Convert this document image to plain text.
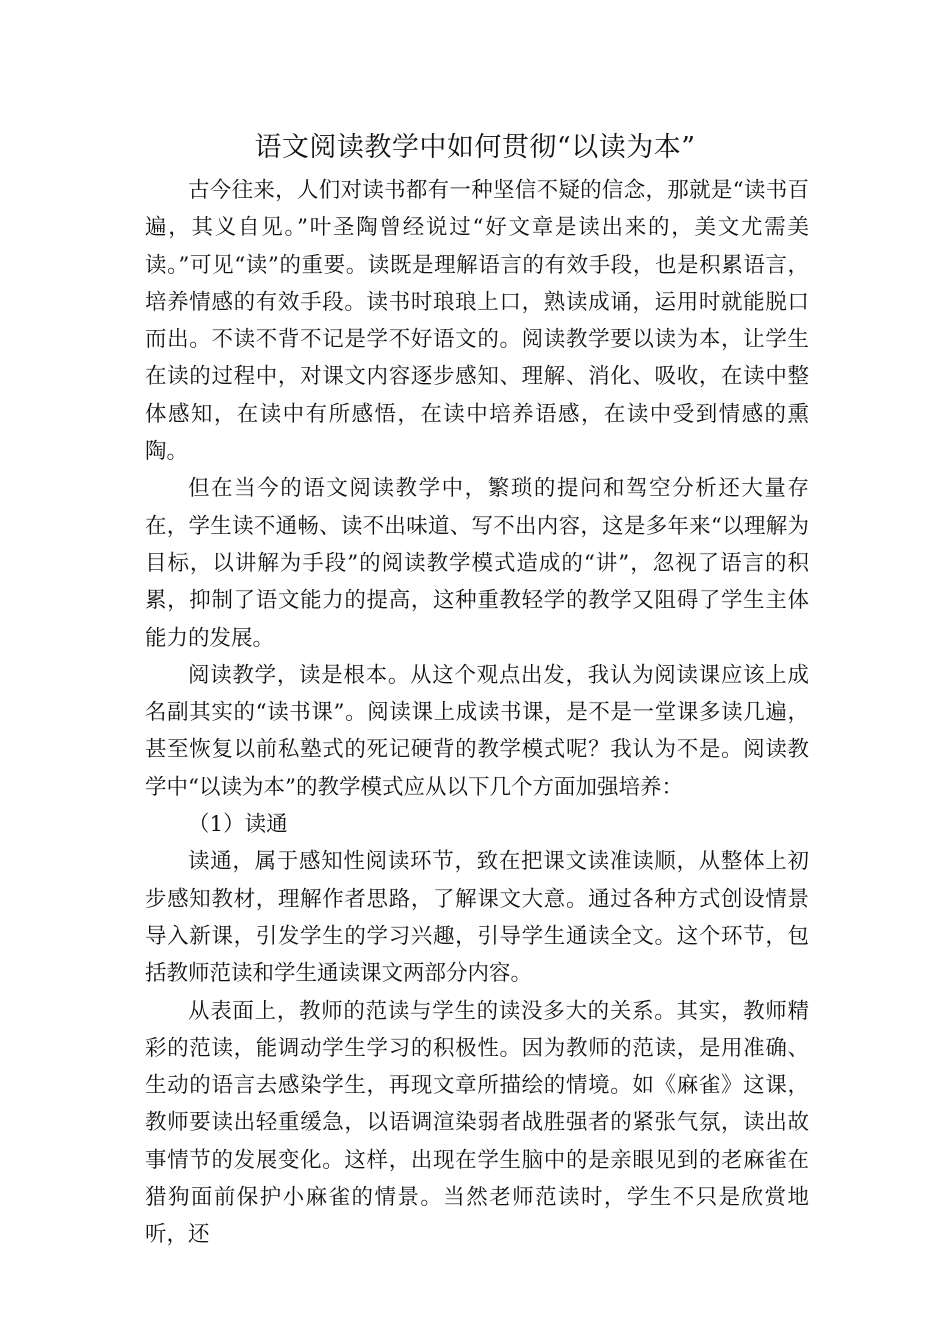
语文阅读教学中如何贯彻“以读为本”

古今往来，人们对读书都有一种坚信不疑的信念，那就是“读书百遍，其义自见。”叶圣陶曾经说过“好文章是读出来的，美文尤需美读。”可见“读”的重要。读既是理解语言的有效手段，也是积累语言，培养情感的有效手段。读书时琅琅上口，熟读成诵，运用时就能脱口而出。不读不背不记是学不好语文的。阅读教学要以读为本，让学生在读的过程中，对课文内容逐步感知、理解、消化、吸收，在读中整体感知，在读中有所感悟，在读中培养语感，在读中受到情感的熏陶。

但在当今的语文阅读教学中，繁琐的提问和驾空分析还大量存在，学生读不通畅、读不出味道、写不出内容，这是多年来“以理解为目标，以讲解为手段”的阅读教学模式造成的“讲”，忽视了语言的积累，抑制了语文能力的提高，这种重教轻学的教学又阻碍了学生主体能力的发展。

阅读教学，读是根本。从这个观点出发，我认为阅读课应该上成名副其实的“读书课”。阅读课上成读书课，是不是一堂课多读几遍，甚至恢复以前私塾式的死记硬背的教学模式呢？我认为不是。阅读教学中“以读为本”的教学模式应从以下几个方面加强培养：

（1）读通

读通，属于感知性阅读环节，致在把课文读准读顺，从整体上初步感知教材，理解作者思路，了解课文大意。通过各种方式创设情景导入新课，引发学生的学习兴趣，引导学生通读全文。这个环节，包括教师范读和学生通读课文两部分内容。

从表面上，教师的范读与学生的读没多大的关系。其实，教师精彩的范读，能调动学生学习的积极性。因为教师的范读，是用准确、生动的语言去感染学生，再现文章所描绘的情境。如《麻雀》这课，教师要读出轻重缓急，以语调渲染弱者战胜强者的紧张气氛，读出故事情节的发展变化。这样，出现在学生脑中的是亲眼见到的老麻雀在猎狗面前保护小麻雀的情景。当然老师范读时，学生不只是欣赏地听，还
